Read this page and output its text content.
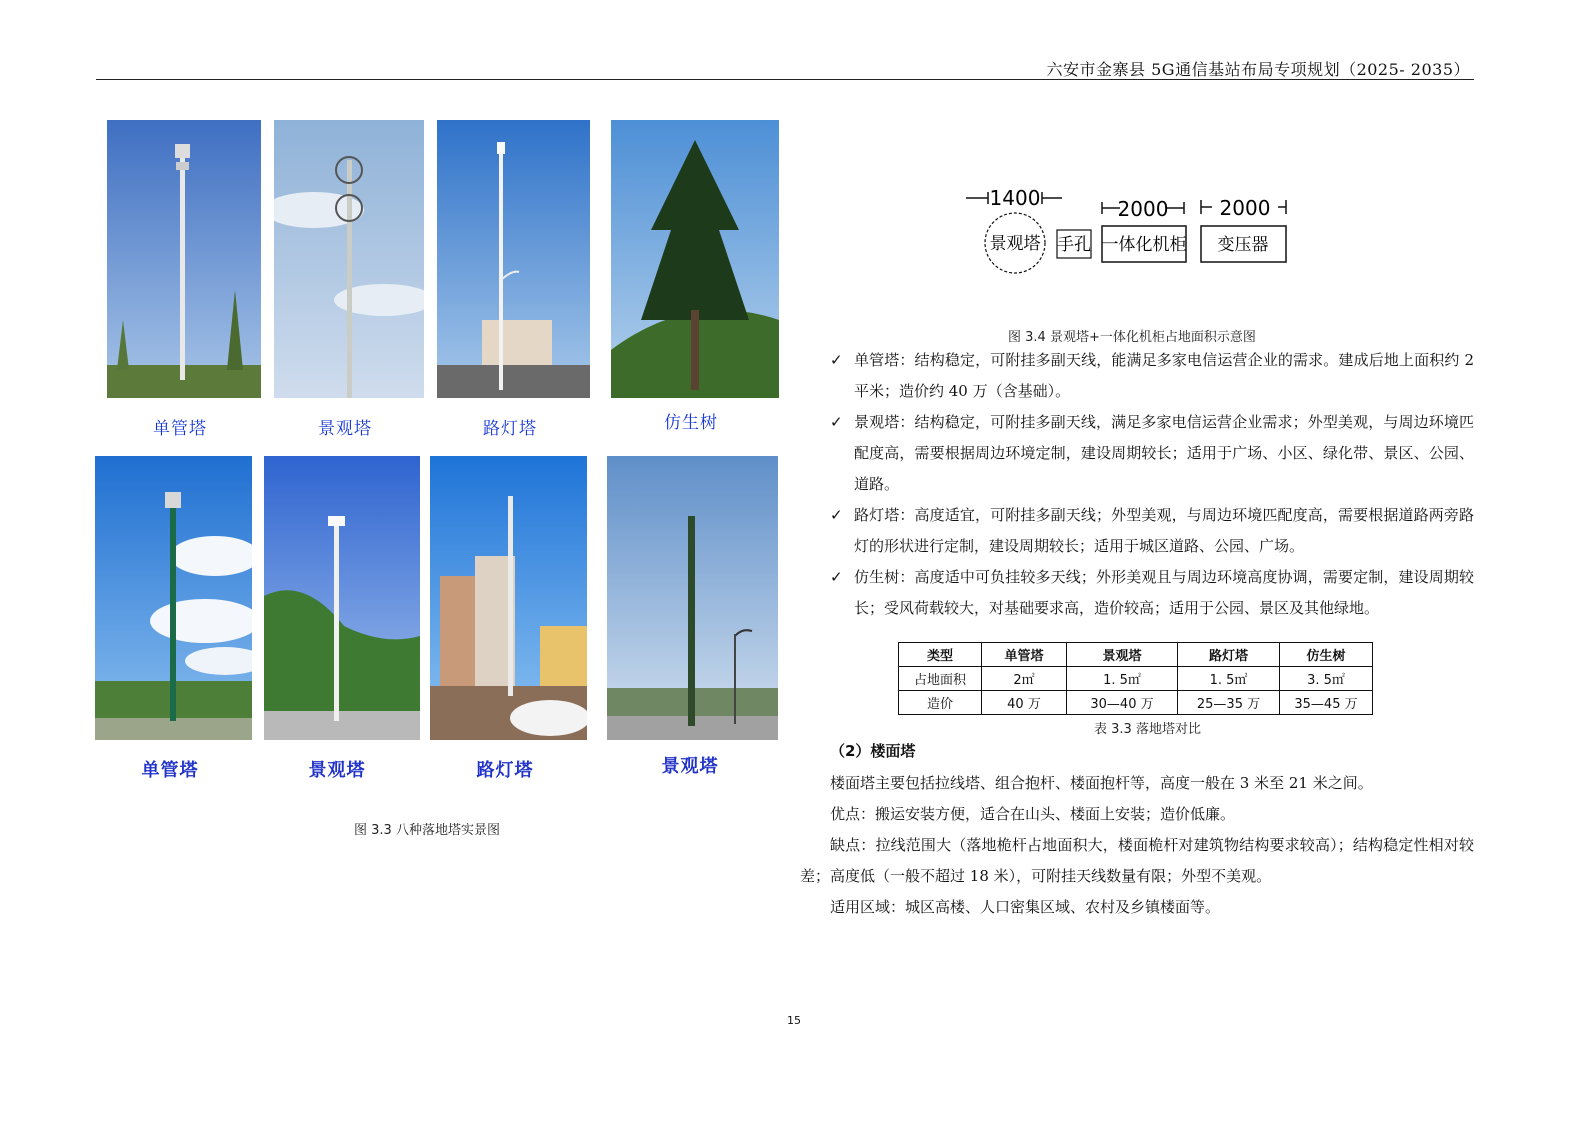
六安市金寨县 5G通信基站布局专项规划（2025- 2035）
单管塔	景观塔	路灯塔	仿生树
单管塔	景观塔	路灯塔	景观塔
图 3.3 八种落地塔实景图
1400	2000	2000
景观塔 手孔 一体化机柜 变压器
图 3.4 景观塔+一体化机柜占地面积示意图
✓ 单管塔：结构稳定，可附挂多副天线，能满足多家电信运营企业的需求。建成后地上面积约 2 平米；造价约 40 万（含基础）。
✓ 景观塔：结构稳定，可附挂多副天线，满足多家电信运营企业需求；外型美观，与周边环境匹配度高，需要根据周边环境定制，建设周期较长；适用于广场、小区、绿化带、景区、公园、道路。
✓ 路灯塔：高度适宜，可附挂多副天线；外型美观，与周边环境匹配度高，需要根据道路两旁路灯的形状进行定制，建设周期较长；适用于城区道路、公园、广场。
✓ 仿生树：高度适中可负挂较多天线；外形美观且与周边环境高度协调，需要定制，建设周期较长；受风荷载较大，对基础要求高，造价较高；适用于公园、景区及其他绿地。
类型	单管塔	景观塔	路灯塔	仿生树
占地面积	2㎡	1. 5㎡	1. 5㎡	3. 5㎡
造价	40 万	30—40 万	25—35 万	35—45 万
表 3.3 落地塔对比
（2）楼面塔
楼面塔主要包括拉线塔、组合抱杆、楼面抱杆等，高度一般在 3 米至 21 米之间。
优点：搬运安装方便，适合在山头、楼面上安装；造价低廉。
缺点：拉线范围大（落地桅杆占地面积大，楼面桅杆对建筑物结构要求较高）；结构稳定性相对较差；高度低（一般不超过 18 米），可附挂天线数量有限；外型不美观。
适用区域：城区高楼、人口密集区域、农村及乡镇楼面等。
15
